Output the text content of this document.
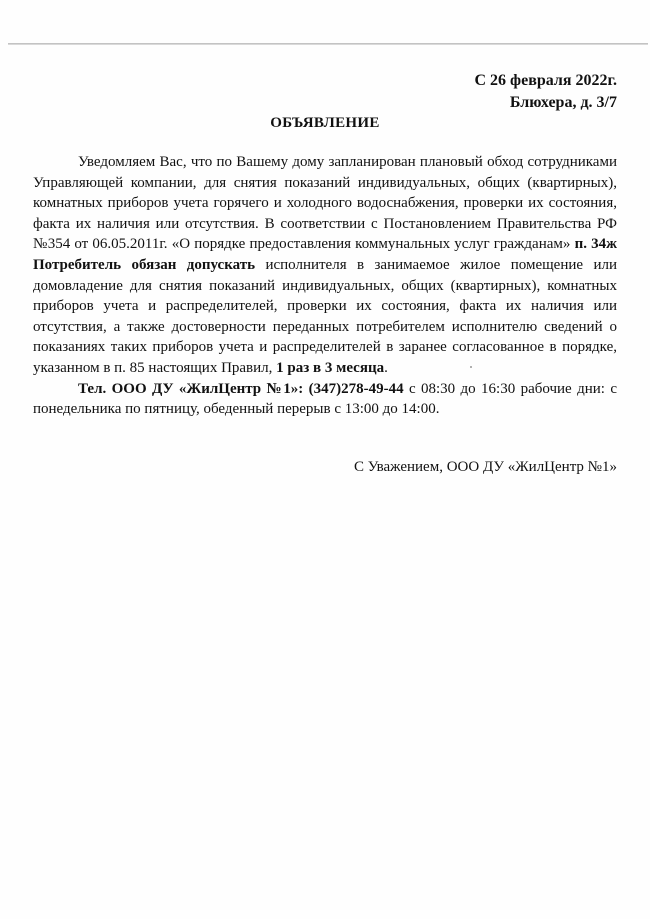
С 26 февраля 2022г.
Блюхера, д. 3/7
ОБЪЯВЛЕНИЕ

Уведомляем Вас, что по Вашему дому запланирован плановый обход сотрудниками Управляющей компании, для снятия показаний индивидуальных, общих (квартирных), комнатных приборов учета горячего и холодного водоснабжения, проверки их состояния, факта их наличия или отсутствия. В соответствии с Постановлением Правительства РФ №354 от 06.05.2011г. «О порядке предоставления коммунальных услуг гражданам» п. 34ж Потребитель обязан допускать исполнителя в занимаемое жилое помещение или домовладение для снятия показаний индивидуальных, общих (квартирных), комнатных приборов учета и распределителей, проверки их состояния, факта их наличия или отсутствия, а также достоверности переданных потребителем исполнителю сведений о показаниях таких приборов учета и распределителей в заранее согласованное в порядке, указанном в п. 85 настоящих Правил, 1 раз в 3 месяца.

Тел. ООО ДУ «ЖилЦентр №1»: (347)278-49-44 с 08:30 до 16:30 рабочие дни: с понедельника по пятницу, обеденный перерыв с 13:00 до 14:00.

С Уважением, ООО ДУ «ЖилЦентр №1»
